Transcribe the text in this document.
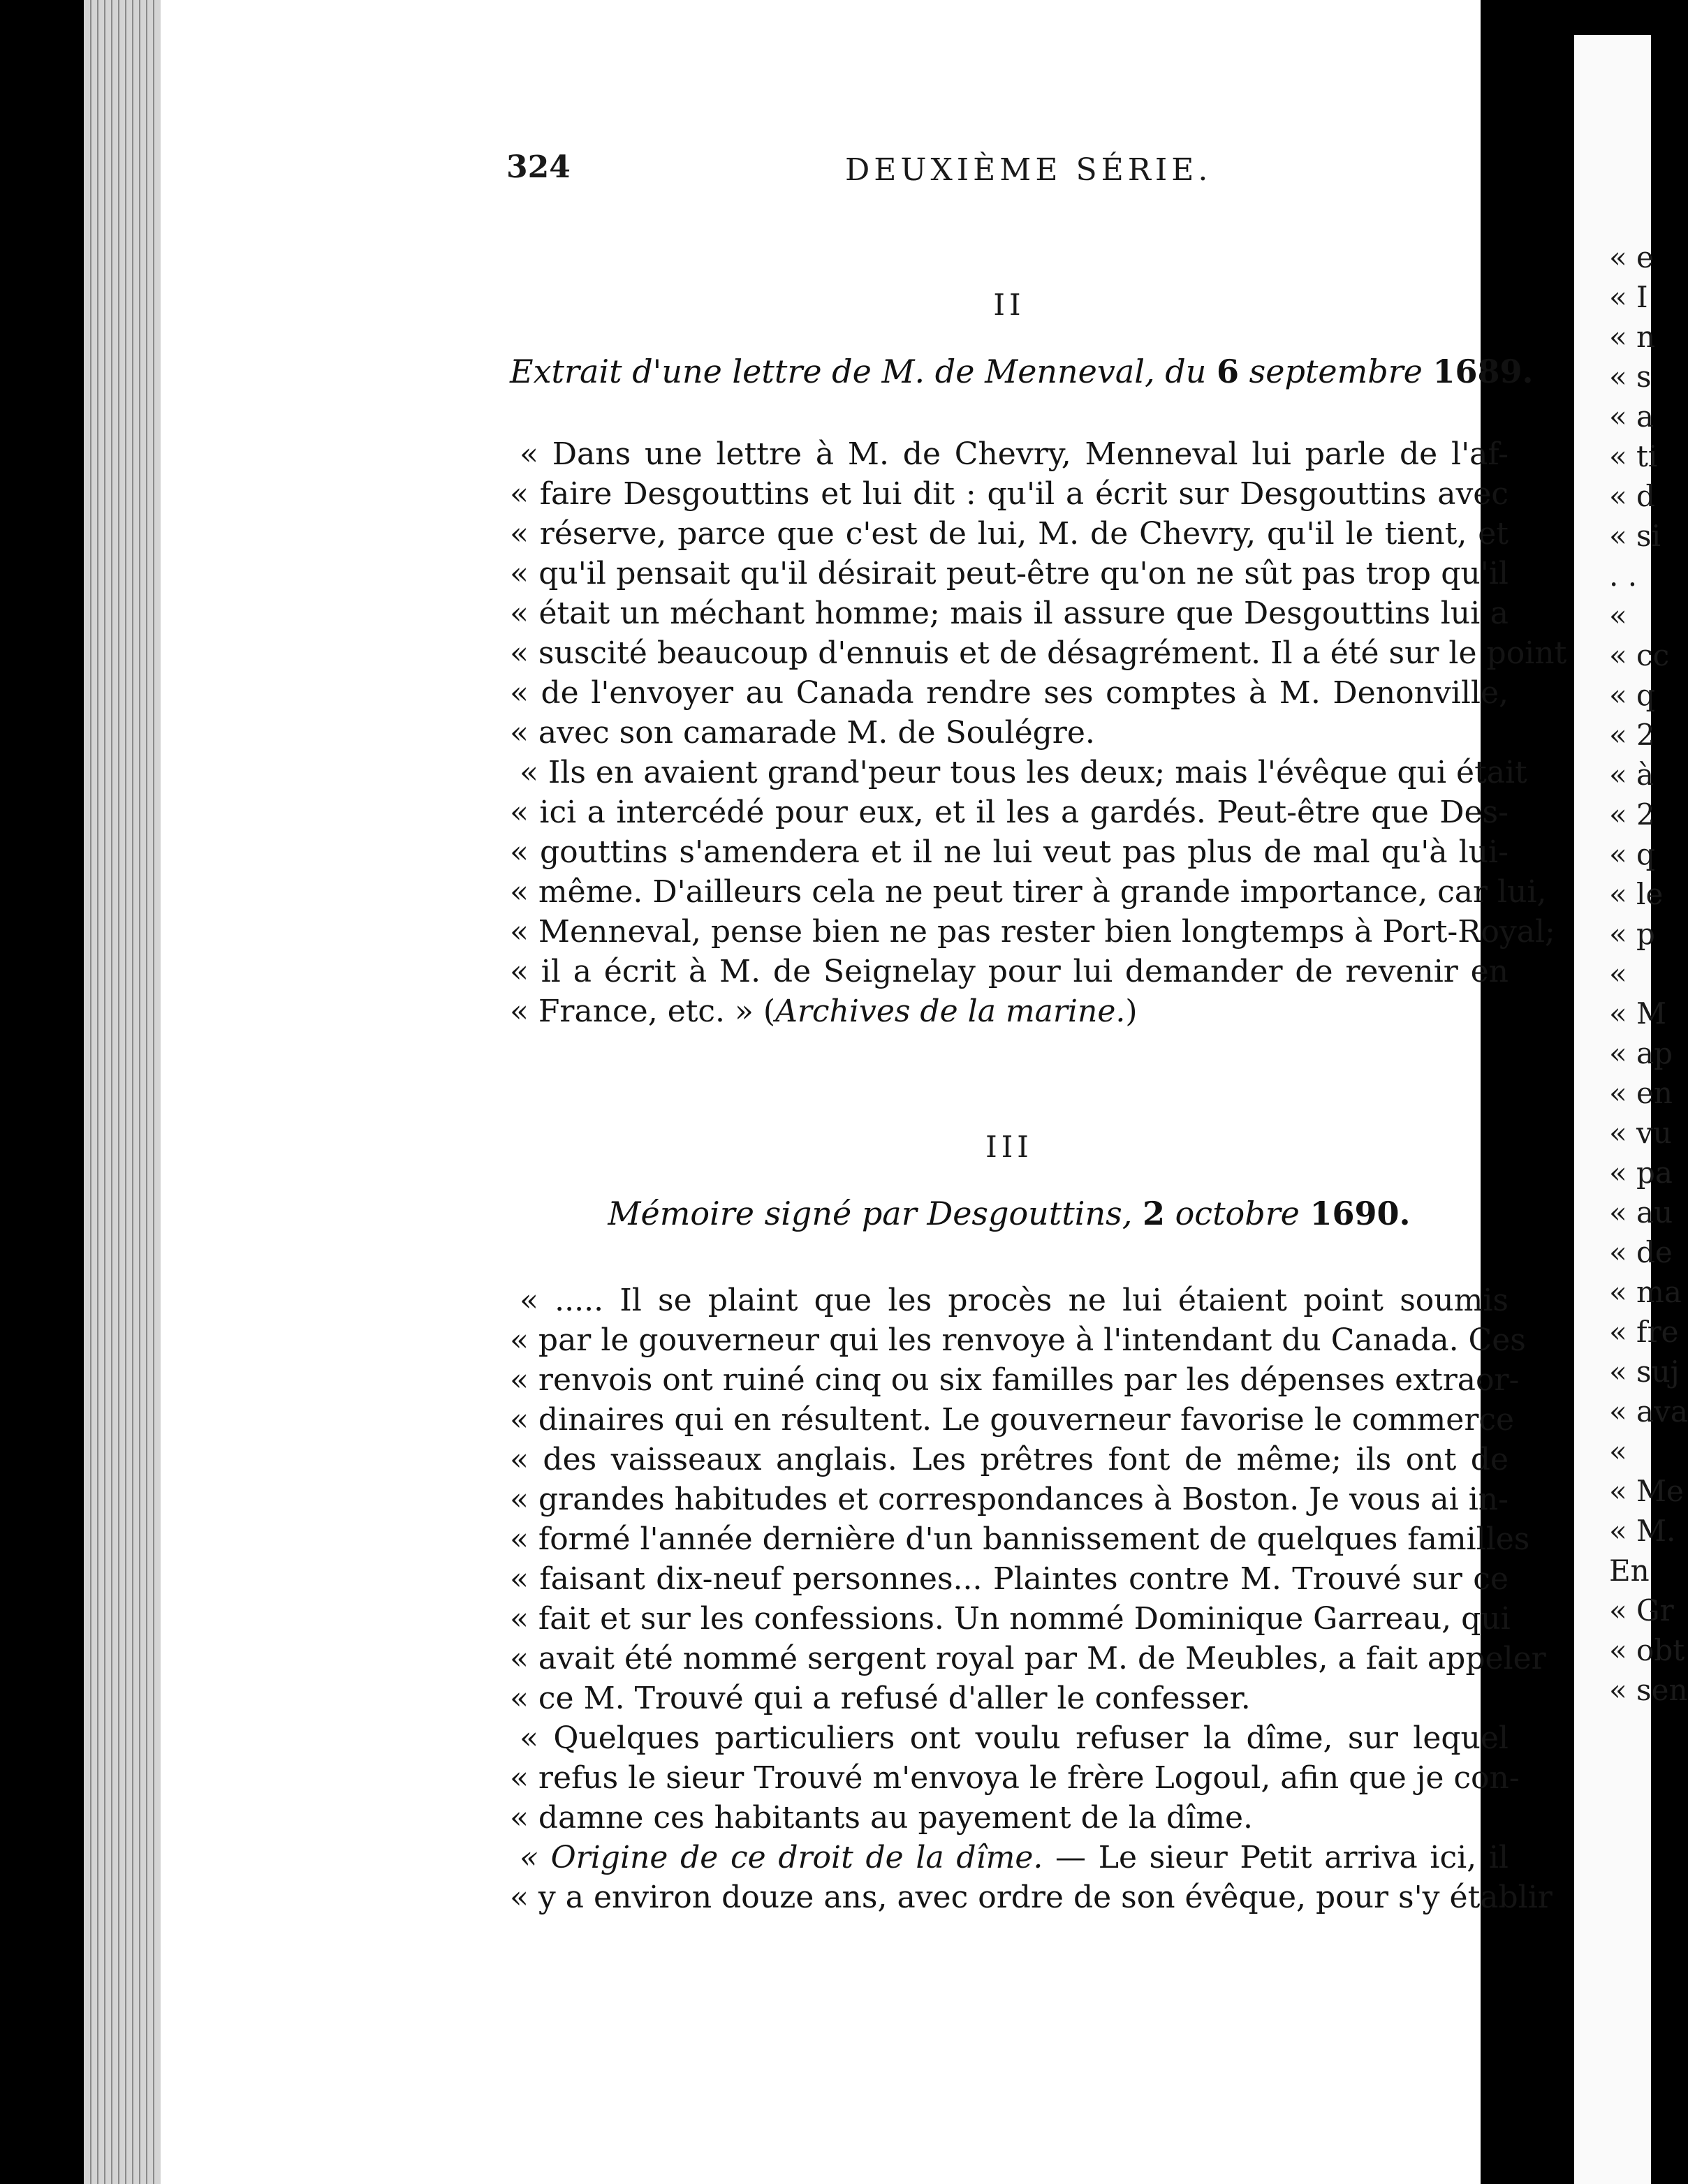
« e
« I
« n
« s
« a
« ti
« d
« si
. .
«
« cc
« q
« 2
« à
« 2
« q
« le
« p
«
« M
« ap
« en
« vu
« pa
« au
« de
« ma
« fre
« suj
« ava
«
« Me
« M.
En
« Gr
« obt
« sen
324	DEUXIÈME SÉRIE.
II

Extrait d'une lettre de M. de Menneval, du 6 septembre 1689.

« Dans une lettre à M. de Chevry, Menneval lui parle de l'af-
« faire Desgouttins et lui dit : qu'il a écrit sur Desgouttins avec
« réserve, parce que c'est de lui, M. de Chevry, qu'il le tient, et
« qu'il pensait qu'il désirait peut-être qu'on ne sût pas trop qu'il
« était un méchant homme; mais il assure que Desgouttins lui a
« suscité beaucoup d'ennuis et de désagrément. Il a été sur le point
« de l'envoyer au Canada rendre ses comptes à M. Denonville,
« avec son camarade M. de Soulégre.
« Ils en avaient grand'peur tous les deux; mais l'évêque qui était
« ici a intercédé pour eux, et il les a gardés. Peut-être que Des-
« gouttins s'amendera et il ne lui veut pas plus de mal qu'à lui-
« même. D'ailleurs cela ne peut tirer à grande importance, car lui,
« Menneval, pense bien ne pas rester bien longtemps à Port-Royal;
« il a écrit à M. de Seignelay pour lui demander de revenir en
« France, etc. » (Archives de la marine.)
III

Mémoire signé par Desgouttins, 2 octobre 1690.

« ..... Il se plaint que les procès ne lui étaient point soumis
« par le gouverneur qui les renvoye à l'intendant du Canada. Ces
« renvois ont ruiné cinq ou six familles par les dépenses extraor-
« dinaires qui en résultent. Le gouverneur favorise le commerce
« des vaisseaux anglais. Les prêtres font de même; ils ont de
« grandes habitudes et correspondances à Boston. Je vous ai in-
« formé l'année dernière d'un bannissement de quelques familles
« faisant dix-neuf personnes... Plaintes contre M. Trouvé sur ce
« fait et sur les confessions. Un nommé Dominique Garreau, qui
« avait été nommé sergent royal par M. de Meubles, a fait appeler
« ce M. Trouvé qui a refusé d'aller le confesser.
« Quelques particuliers ont voulu refuser la dîme, sur lequel
« refus le sieur Trouvé m'envoya le frère Logoul, afin que je con-
« damne ces habitants au payement de la dîme.
« Origine de ce droit de la dîme. — Le sieur Petit arriva ici, il
« y a environ douze ans, avec ordre de son évêque, pour s'y établir
